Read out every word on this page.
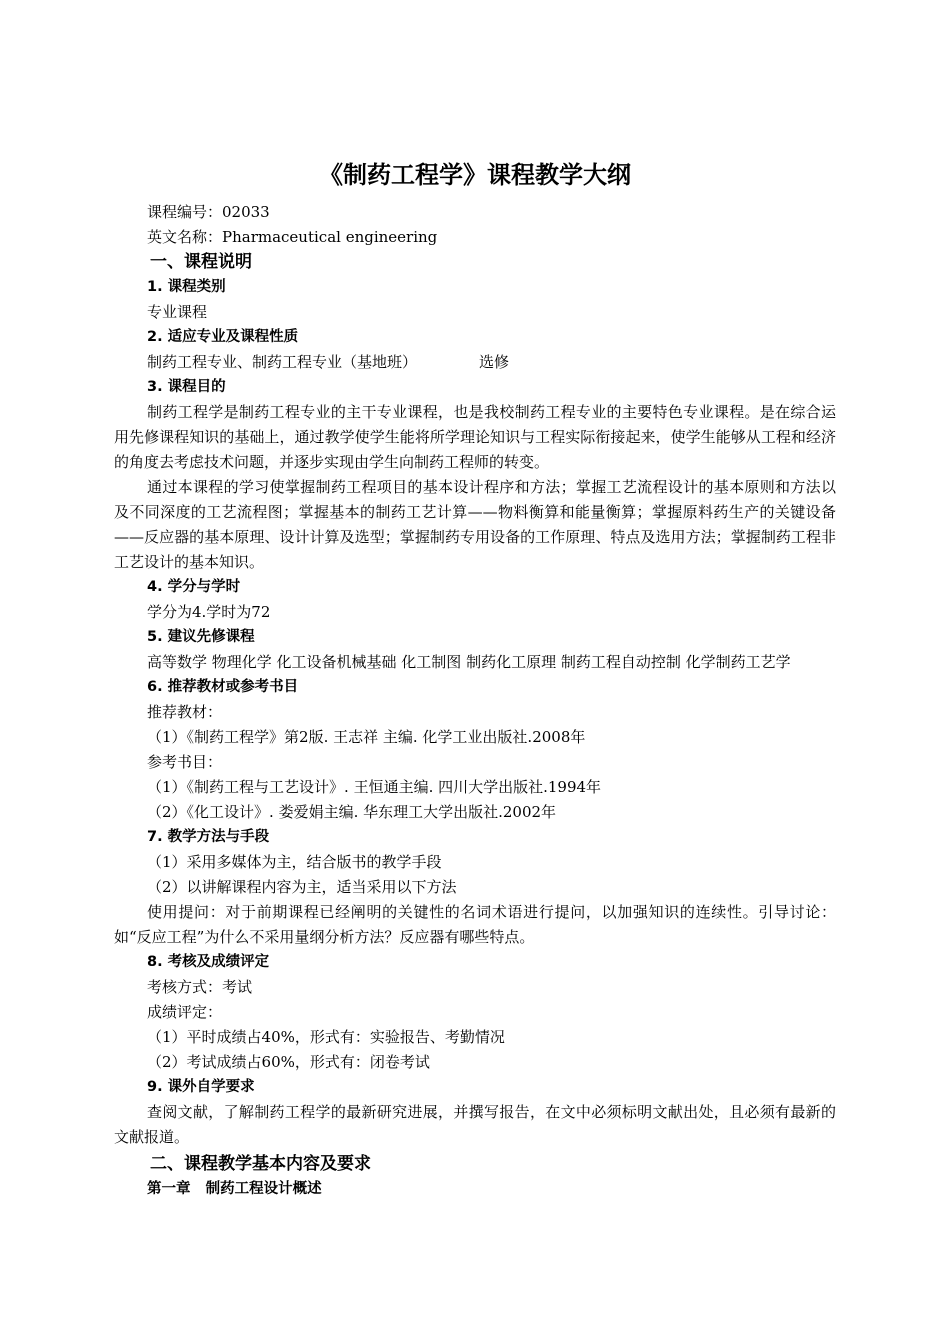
《制药工程学》课程教学大纲
课程编号：02033
英文名称：Pharmaceutical engineering
一、课程说明
1. 课程类别
专业课程
2. 适应专业及课程性质
制药工程专业、制药工程专业（基地班）	选修
3. 课程目的

制药工程学是制药工程专业的主干专业课程，也是我校制药工程专业的主要特色专业课程。是在综合运用先修课程知识的基础上，通过教学使学生能将所学理论知识与工程实际衔接起来，使学生能够从工程和经济的角度去考虑技术问题，并逐步实现由学生向制药工程师的转变。

通过本课程的学习使掌握制药工程项目的基本设计程序和方法；掌握工艺流程设计的基本原则和方法以及不同深度的工艺流程图；掌握基本的制药工艺计算——物料衡算和能量衡算；掌握原料药生产的关键设备——反应器的基本原理、设计计算及选型；掌握制药专用设备的工作原理、特点及选用方法；掌握制药工程非工艺设计的基本知识。

4. 学分与学时
学分为4.学时为72
5. 建议先修课程

高等数学 物理化学 化工设备机械基础 化工制图 制药化工原理 制药工程自动控制 化学制药工艺学

6. 推荐教材或参考书目
推荐教材：
（1）《制药工程学》第2版. 王志祥 主编. 化学工业出版社.2008年
参考书目：
（1）《制药工程与工艺设计》. 王恒通主编. 四川大学出版社.1994年
（2）《化工设计》. 娄爱娟主编. 华东理工大学出版社.2002年
7. 教学方法与手段
（1）采用多媒体为主，结合版书的教学手段
（2）以讲解课程内容为主，适当采用以下方法

使用提问：对于前期课程已经阐明的关键性的名词术语进行提问，以加强知识的连续性。引导讨论：如“反应工程”为什么不采用量纲分析方法？反应器有哪些特点。

8. 考核及成绩评定
考核方式：考试
成绩评定：
（1）平时成绩占40%，形式有：实验报告、考勤情况
（2）考试成绩占60%，形式有：闭卷考试
9. 课外自学要求

查阅文献，了解制药工程学的最新研究进展，并撰写报告，在文中必须标明文献出处，且必须有最新的文献报道。

二、课程教学基本内容及要求
第一章   制药工程设计概述
